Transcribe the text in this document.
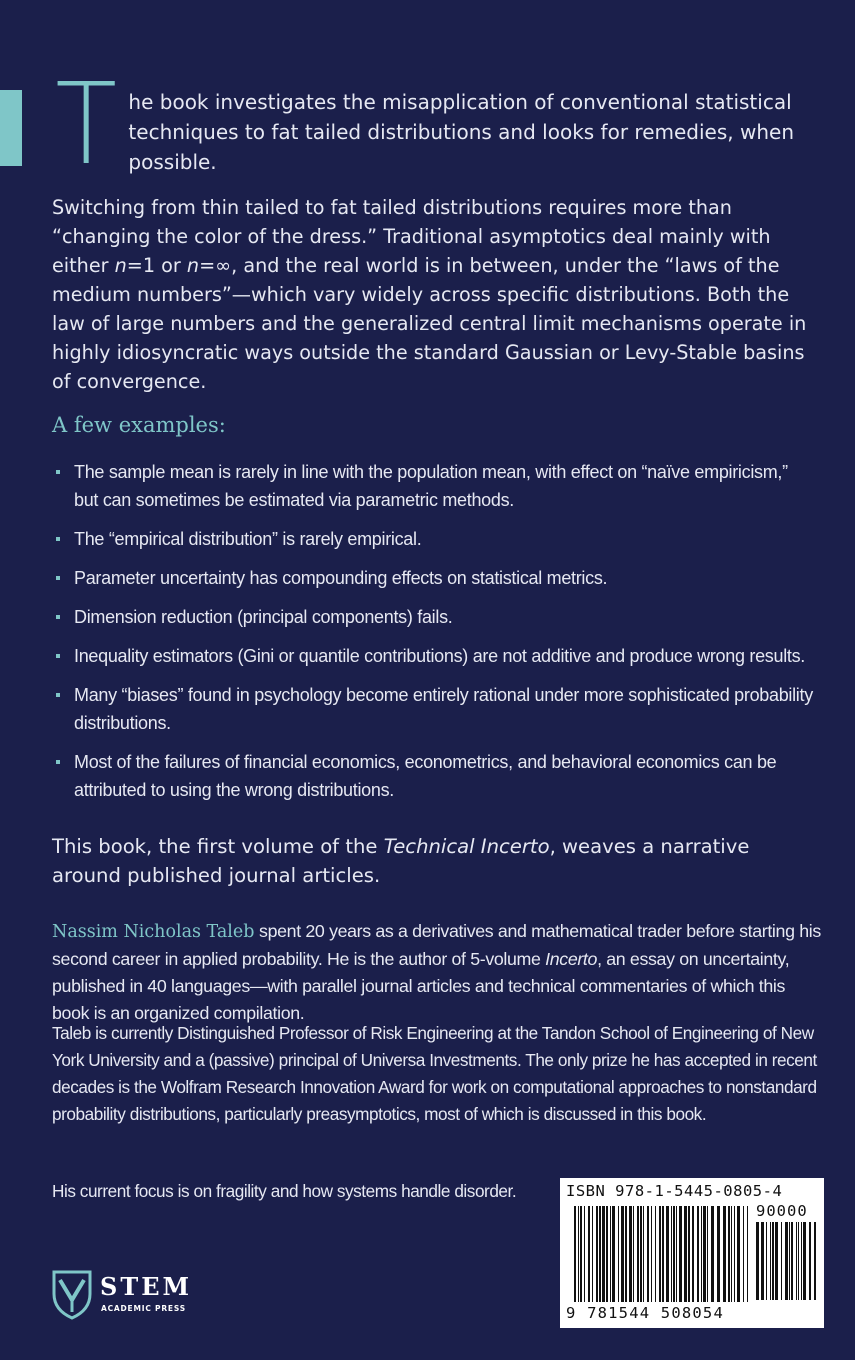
T he book investigates the misapplication of conventional statistical techniques to fat tailed distributions and looks for remedies, when possible.
Switching from thin tailed to fat tailed distributions requires more than “changing the color of the dress.” Traditional asymptotics deal mainly with either n=1 or n=∞, and the real world is in between, under the “laws of the medium numbers”—which vary widely across specific distributions. Both the law of large numbers and the generalized central limit mechanisms operate in highly idiosyncratic ways outside the standard Gaussian or Levy-Stable basins of convergence.
A few examples:
The sample mean is rarely in line with the population mean, with effect on “naïve empiricism,” but can sometimes be estimated via parametric methods.
The “empirical distribution” is rarely empirical.
Parameter uncertainty has compounding effects on statistical metrics.
Dimension reduction (principal components) fails.
Inequality estimators (Gini or quantile contributions) are not additive and produce wrong results.
Many “biases” found in psychology become entirely rational under more sophisticated probability distributions.
Most of the failures of financial economics, econometrics, and behavioral economics can be attributed to using the wrong distributions.
This book, the first volume of the Technical Incerto, weaves a narrative around published journal articles.
Nassim Nicholas Taleb spent 20 years as a derivatives and mathematical trader before starting his second career in applied probability. He is the author of 5-volume Incerto, an essay on uncertainty, published in 40 languages—with parallel journal articles and technical commentaries of which this book is an organized compilation.
Taleb is currently Distinguished Professor of Risk Engineering at the Tandon School of Engineering of New York University and a (passive) principal of Universa Investments. The only prize he has accepted in recent decades is the Wolfram Research Innovation Award for work on computational approaches to nonstandard probability distributions, particularly preasymptotics, most of which is discussed in this book.
His current focus is on fragility and how systems handle disorder.
STEM
ACADEMIC PRESS
ISBN 978-1-5445-0805-4
90000
9 781544 508054
